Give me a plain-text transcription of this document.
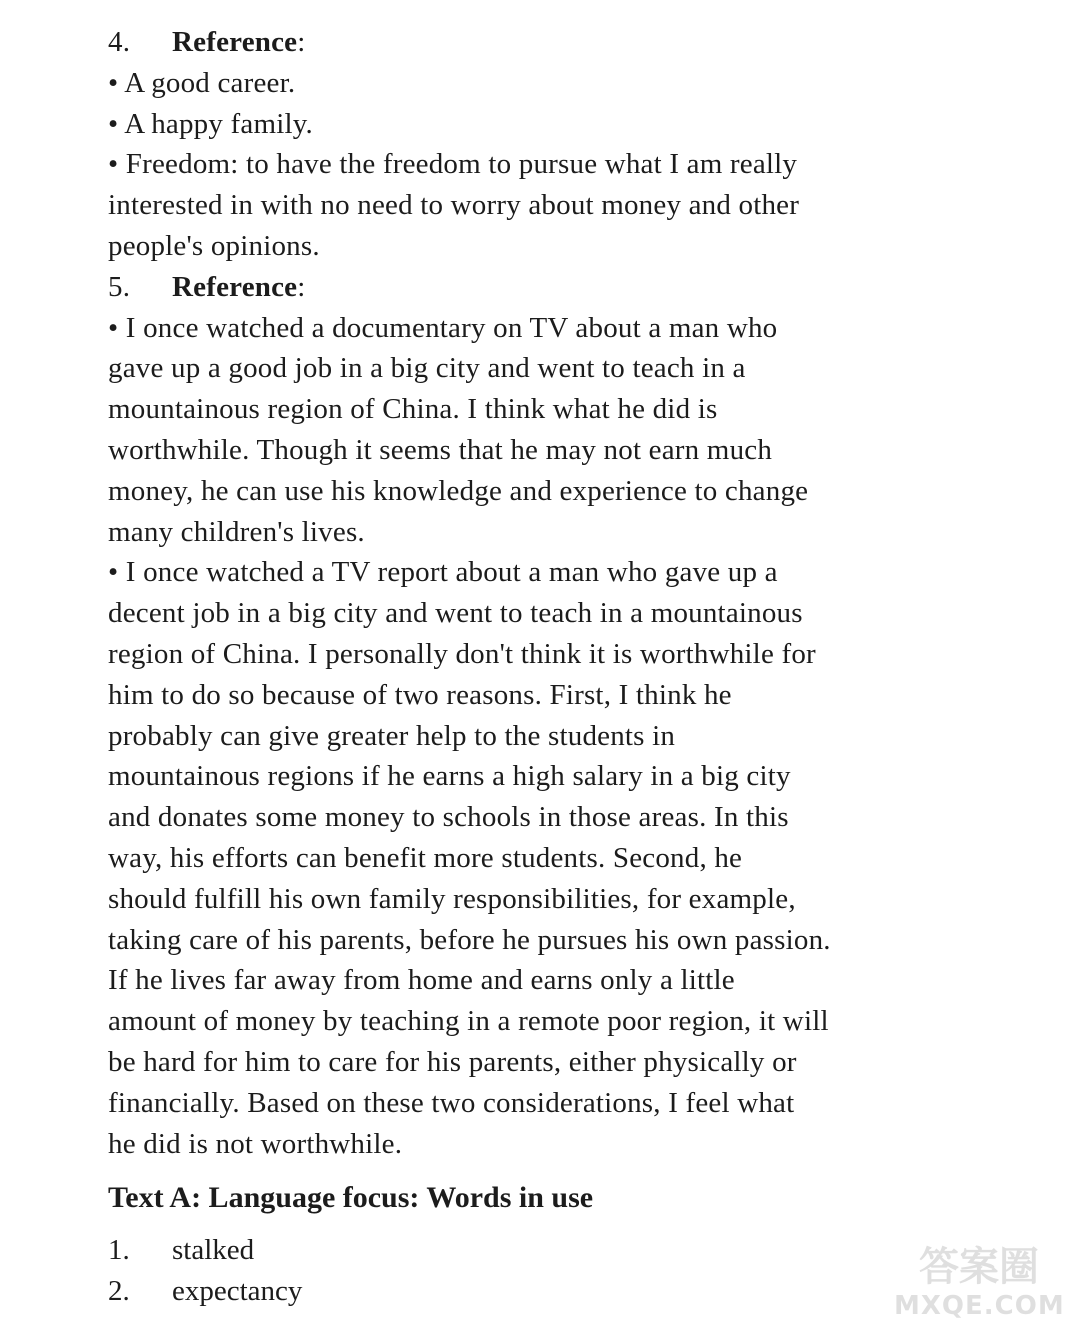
4. Reference:
• A good career.
• A happy family.
• Freedom: to have the freedom to pursue what I am really
interested in with no need to worry about money and other
people's opinions.
5. Reference:
• I once watched a documentary on TV about a man who
gave up a good job in a big city and went to teach in a
mountainous region of China. I think what he did is
worthwhile. Though it seems that he may not earn much
money, he can use his knowledge and experience to change
many children's lives.
• I once watched a TV report about a man who gave up a
decent job in a big city and went to teach in a mountainous
region of China. I personally don't think it is worthwhile for
him to do so because of two reasons. First, I think he
probably can give greater help to the students in
mountainous regions if he earns a high salary in a big city
and donates some money to schools in those areas. In this
way, his efforts can benefit more students. Second, he
should fulfill his own family responsibilities, for example,
taking care of his parents, before he pursues his own passion.
If he lives far away from home and earns only a little
amount of money by teaching in a remote poor region, it will
be hard for him to care for his parents, either physically or
financially. Based on these two considerations, I feel what
he did is not worthwhile.
Text A: Language focus: Words in use
1. stalked
2. expectancy
答案圈
MXQE.COM
